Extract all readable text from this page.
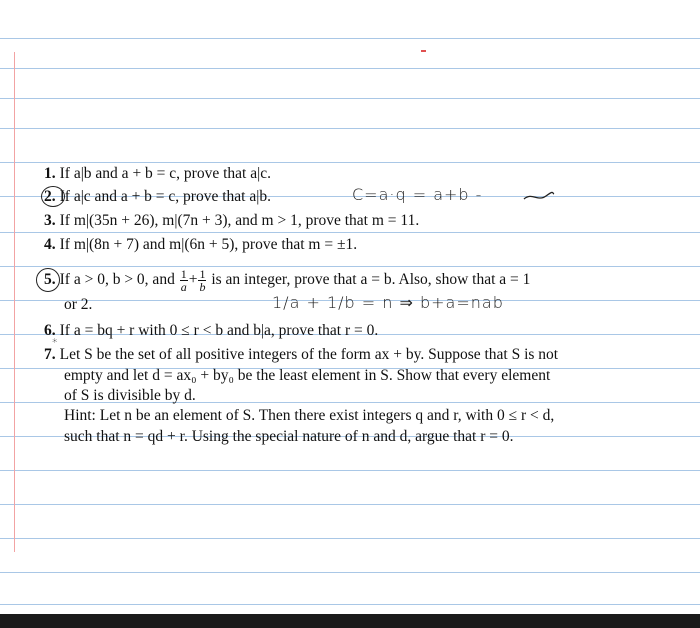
1. If a|b and a + b = c, prove that a|c.
2. If a|c and a + b = c, prove that a|b.	C=a·q = a+b -
3. If m|(35n + 26), m|(7n + 3), and m > 1, prove that m = 11.
4. If m|(8n + 7) and m|(6n + 5), prove that m = ±1.
5. If a > 0, b > 0, and $\frac{1}{a} + \frac{1}{b}$ is an integer, prove that a = b. Also, show that a = 1
or 2.	1/a + 1/b = n ⇒ b+a=nab
6. If a = bq + r with 0 ≤ r < b and b|a, prove that r = 0.
7. Let S be the set of all positive integers of the form ax + by. Suppose that S is not
*
empty and let d = ax₀ + by₀ be the least element in S. Show that every element
of S is divisible by d.
Hint: Let n be an element of S. Then there exist integers q and r, with 0 ≤ r < d,
such that n = qd + r. Using the special nature of n and d, argue that r = 0.
